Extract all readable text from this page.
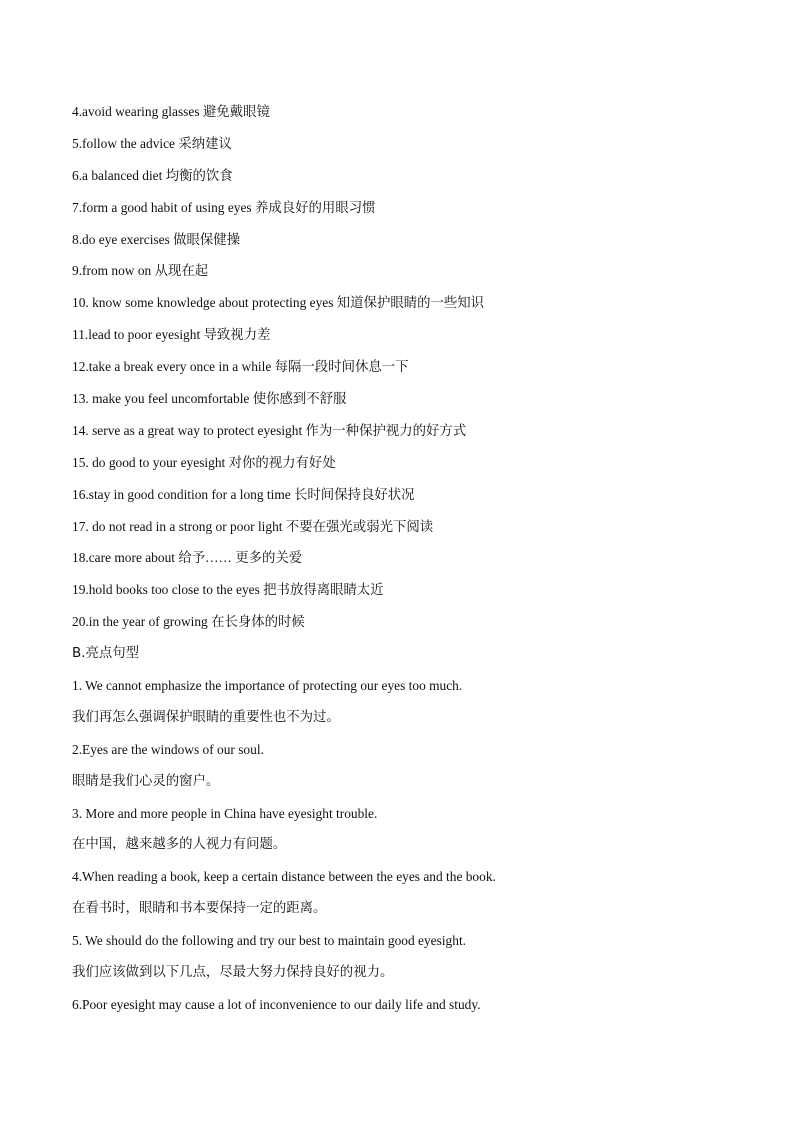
4.avoid wearing glasses 避免戴眼镜
5.follow the advice 采纳建议
6.a balanced diet 均衡的饮食
7.form a good habit of using eyes 养成良好的用眼习惯
8.do eye exercises 做眼保健操
9.from now on 从现在起
10. know some knowledge about protecting eyes 知道保护眼睛的一些知识
11.lead to poor eyesight 导致视力差
12.take a break every once in a while 每隔一段时间休息一下
13. make you feel uncomfortable 使你感到不舒服
14. serve as a great way to protect eyesight 作为一种保护视力的好方式
15. do good to your eyesight 对你的视力有好处
16.stay in good condition for a long time 长时间保持良好状况
17. do not read in a strong or poor light 不要在强光或弱光下阅读
18.care more about 给予…… 更多的关爱
19.hold books too close to the eyes 把书放得离眼睛太近
20.in the year of growing 在长身体的时候
B.亮点句型
1. We cannot emphasize the importance of protecting our eyes too much.
我们再怎么强调保护眼睛的重要性也不为过。
2.Eyes are the windows of our soul.
眼睛是我们心灵的窗户。
3. More and more people in China have eyesight trouble.
在中国，越来越多的人视力有问题。
4.When reading a book, keep a certain distance between the eyes and the book.
在看书时，眼睛和书本要保持一定的距离。
5. We should do the following and try our best to maintain good eyesight.
我们应该做到以下几点，尽最大努力保持良好的视力。
6.Poor eyesight may cause a lot of inconvenience to our daily life and study.
